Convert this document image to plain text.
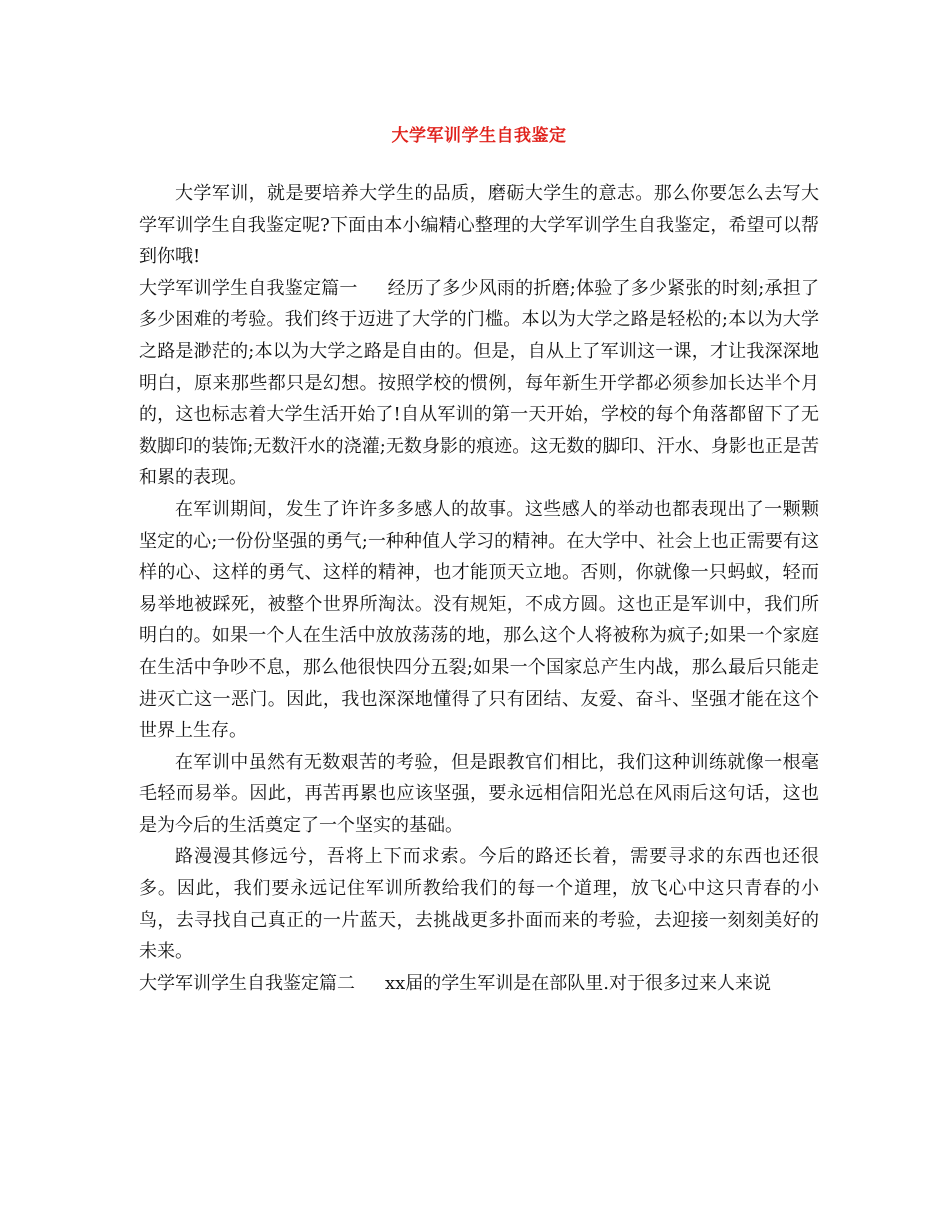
大学军训学生自我鉴定

大学军训，就是要培养大学生的品质，磨砺大学生的意志。那么你要怎么去写大学军训学生自我鉴定呢?下面由本小编精心整理的大学军训学生自我鉴定，希望可以帮到你哦!

大学军训学生自我鉴定篇一 经历了多少风雨的折磨;体验了多少紧张的时刻;承担了多少困难的考验。我们终于迈进了大学的门槛。本以为大学之路是轻松的;本以为大学之路是渺茫的;本以为大学之路是自由的。但是，自从上了军训这一课，才让我深深地明白，原来那些都只是幻想。按照学校的惯例，每年新生开学都必须参加长达半个月的，这也标志着大学生活开始了!自从军训的第一天开始，学校的每个角落都留下了无数脚印的装饰;无数汗水的浇灌;无数身影的痕迹。这无数的脚印、汗水、身影也正是苦和累的表现。

在军训期间，发生了许许多多感人的故事。这些感人的举动也都表现出了一颗颗坚定的心;一份份坚强的勇气;一种种值人学习的精神。在大学中、社会上也正需要有这样的心、这样的勇气、这样的精神，也才能顶天立地。否则，你就像一只蚂蚁，轻而易举地被踩死，被整个世界所淘汰。没有规矩，不成方圆。这也正是军训中，我们所明白的。如果一个人在生活中放放荡荡的地，那么这个人将被称为疯子;如果一个家庭在生活中争吵不息，那么他很快四分五裂;如果一个国家总产生内战，那么最后只能走进灭亡这一恶门。因此，我也深深地懂得了只有团结、友爱、奋斗、坚强才能在这个世界上生存。

在军训中虽然有无数艰苦的考验，但是跟教官们相比，我们这种训练就像一根毫毛轻而易举。因此，再苦再累也应该坚强，要永远相信阳光总在风雨后这句话，这也是为今后的生活奠定了一个坚实的基础。

路漫漫其修远兮，吾将上下而求索。今后的路还长着，需要寻求的东西也还很多。因此，我们要永远记住军训所教给我们的每一个道理，放飞心中这只青春的小鸟，去寻找自己真正的一片蓝天，去挑战更多扑面而来的考验，去迎接一刻刻美好的未来。

大学军训学生自我鉴定篇二 xx届的学生军训是在部队里.对于很多过来人来说
